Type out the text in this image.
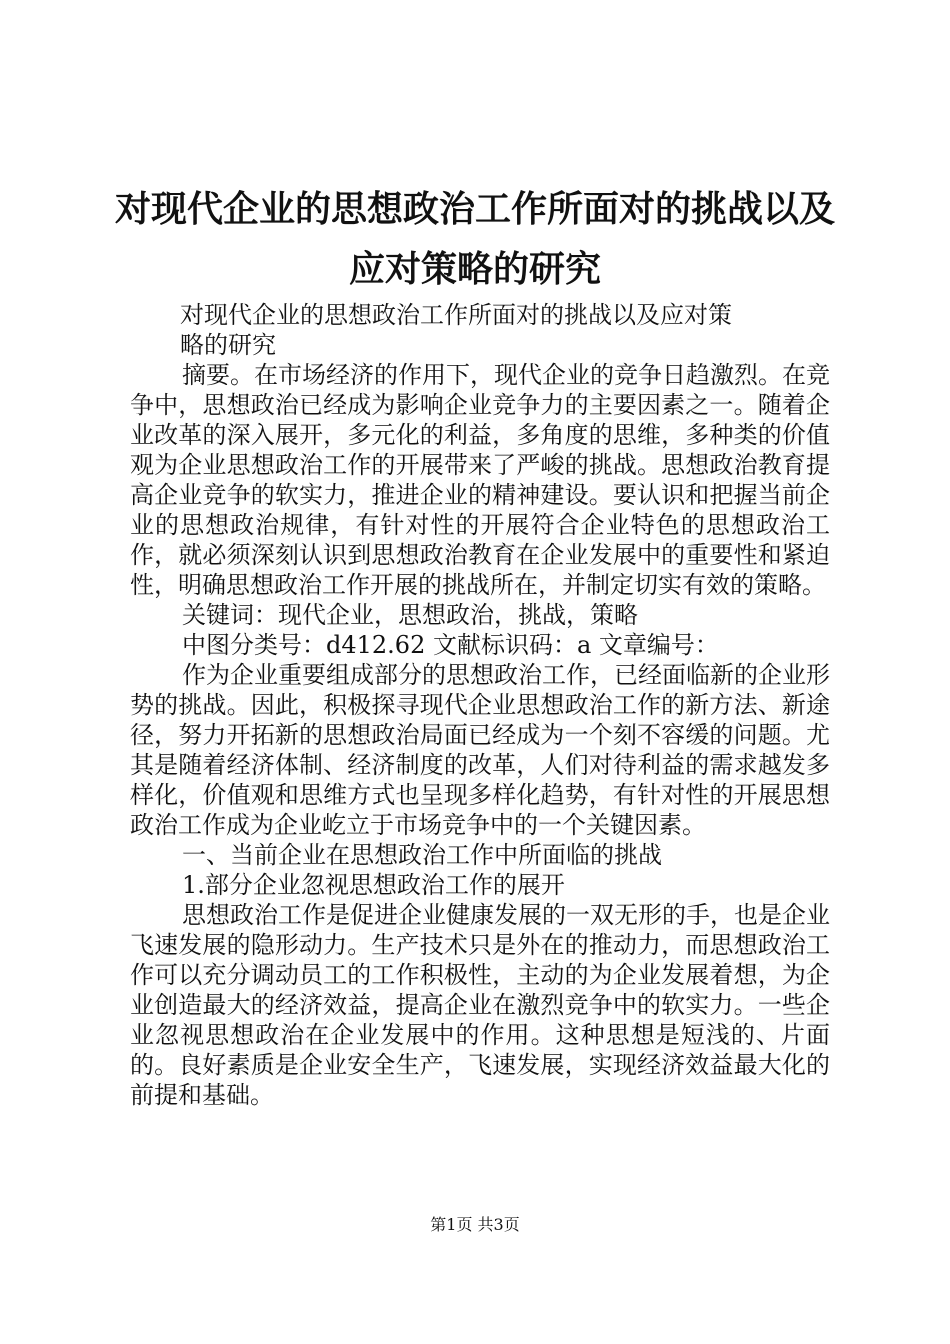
对现代企业的思想政治工作所面对的挑战以及
应对策略的研究
对现代企业的思想政治工作所面对的挑战以及应对策
略的研究

摘要。在市场经济的作用下，现代企业的竞争日趋激烈。在竞争中，思想政治已经成为影响企业竞争力的主要因素之一。随着企业改革的深入展开，多元化的利益，多角度的思维，多种类的价值观为企业思想政治工作的开展带来了严峻的挑战。思想政治教育提高企业竞争的软实力，推进企业的精神建设。要认识和把握当前企业的思想政治规律，有针对性的开展符合企业特色的思想政治工作，就必须深刻认识到思想政治教育在企业发展中的重要性和紧迫性，明确思想政治工作开展的挑战所在，并制定切实有效的策略。

关键词：现代企业，思想政治，挑战，策略

中图分类号：d412.62 文献标识码：a 文章编号：

作为企业重要组成部分的思想政治工作，已经面临新的企业形势的挑战。因此，积极探寻现代企业思想政治工作的新方法、新途径，努力开拓新的思想政治局面已经成为一个刻不容缓的问题。尤其是随着经济体制、经济制度的改革，人们对待利益的需求越发多样化，价值观和思维方式也呈现多样化趋势，有针对性的开展思想政治工作成为企业屹立于市场竞争中的一个关键因素。

一、当前企业在思想政治工作中所面临的挑战

1.部分企业忽视思想政治工作的展开

思想政治工作是促进企业健康发展的一双无形的手，也是企业飞速发展的隐形动力。生产技术只是外在的推动力，而思想政治工作可以充分调动员工的工作积极性，主动的为企业发展着想，为企业创造最大的经济效益，提高企业在激烈竞争中的软实力。一些企业忽视思想政治在企业发展中的作用。这种思想是短浅的、片面的。良好素质是企业安全生产，飞速发展，实现经济效益最大化的前提和基础。

第1页 共3页
